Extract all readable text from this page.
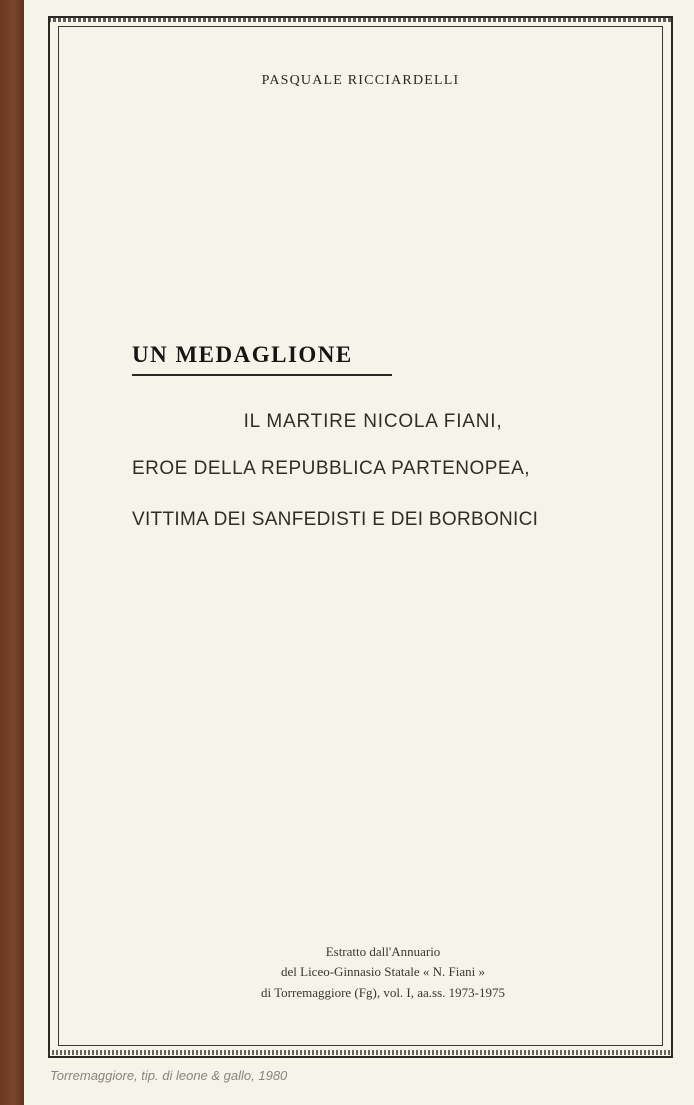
PASQUALE RICCIARDELLI
UN MEDAGLIONE
IL MARTIRE NICOLA FIANI,
EROE DELLA REPUBBLICA PARTENOPEA,
VITTIMA DEI SANFEDISTI E DEI BORBONICI
Estratto dall'Annuario
del Liceo-Ginnasio Statale « N. Fiani »
di Torremaggiore (Fg), vol. I, aa.ss. 1973-1975
Torremaggiore, tip. di leone & gallo, 1980
